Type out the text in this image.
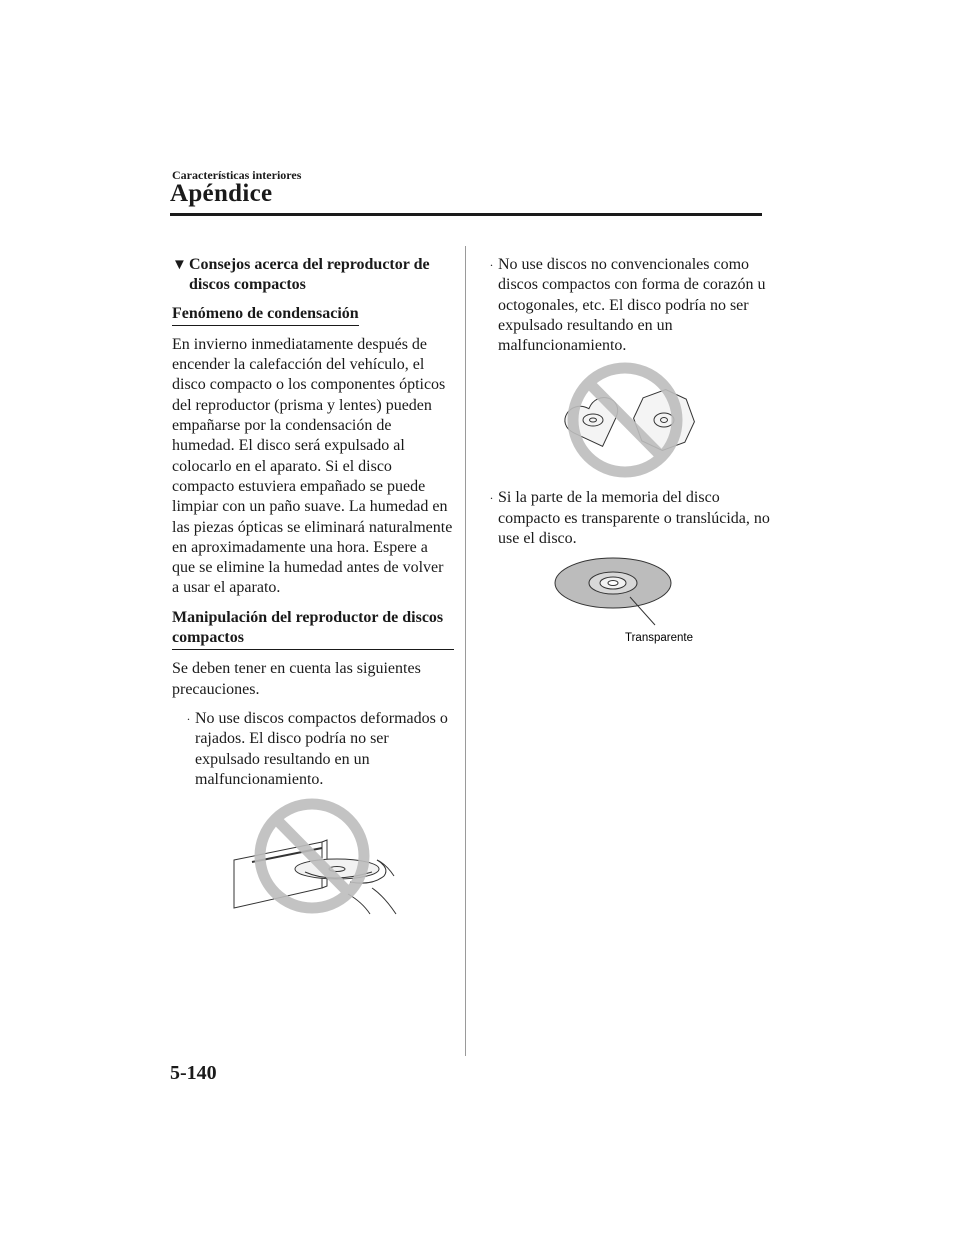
Características interiores
Apéndice
▼ Consejos acerca del reproductor de discos compactos
Fenómeno de condensación

En invierno inmediatamente después de encender la calefacción del vehículo, el disco compacto o los componentes ópticos del reproductor (prisma y lentes) pueden empañarse por la condensación de humedad. El disco será expulsado al colocarlo en el aparato. Si el disco compacto estuviera empañado se puede limpiar con un paño suave. La humedad en las piezas ópticas se eliminará naturalmente en aproximadamente una hora. Espere a que se elimine la humedad antes de volver a usar el aparato.

Manipulación del reproductor de discos compactos

Se deben tener en cuenta las siguientes precauciones.

· No use discos compactos deformados o rajados. El disco podría no ser expulsado resultando en un malfuncionamiento.
· No use discos no convencionales como discos compactos con forma de corazón u octogonales, etc. El disco podría no ser expulsado resultando en un malfuncionamiento.
· Si la parte de la memoria del disco compacto es transparente o translúcida, no use el disco.
Transparente
5-140
